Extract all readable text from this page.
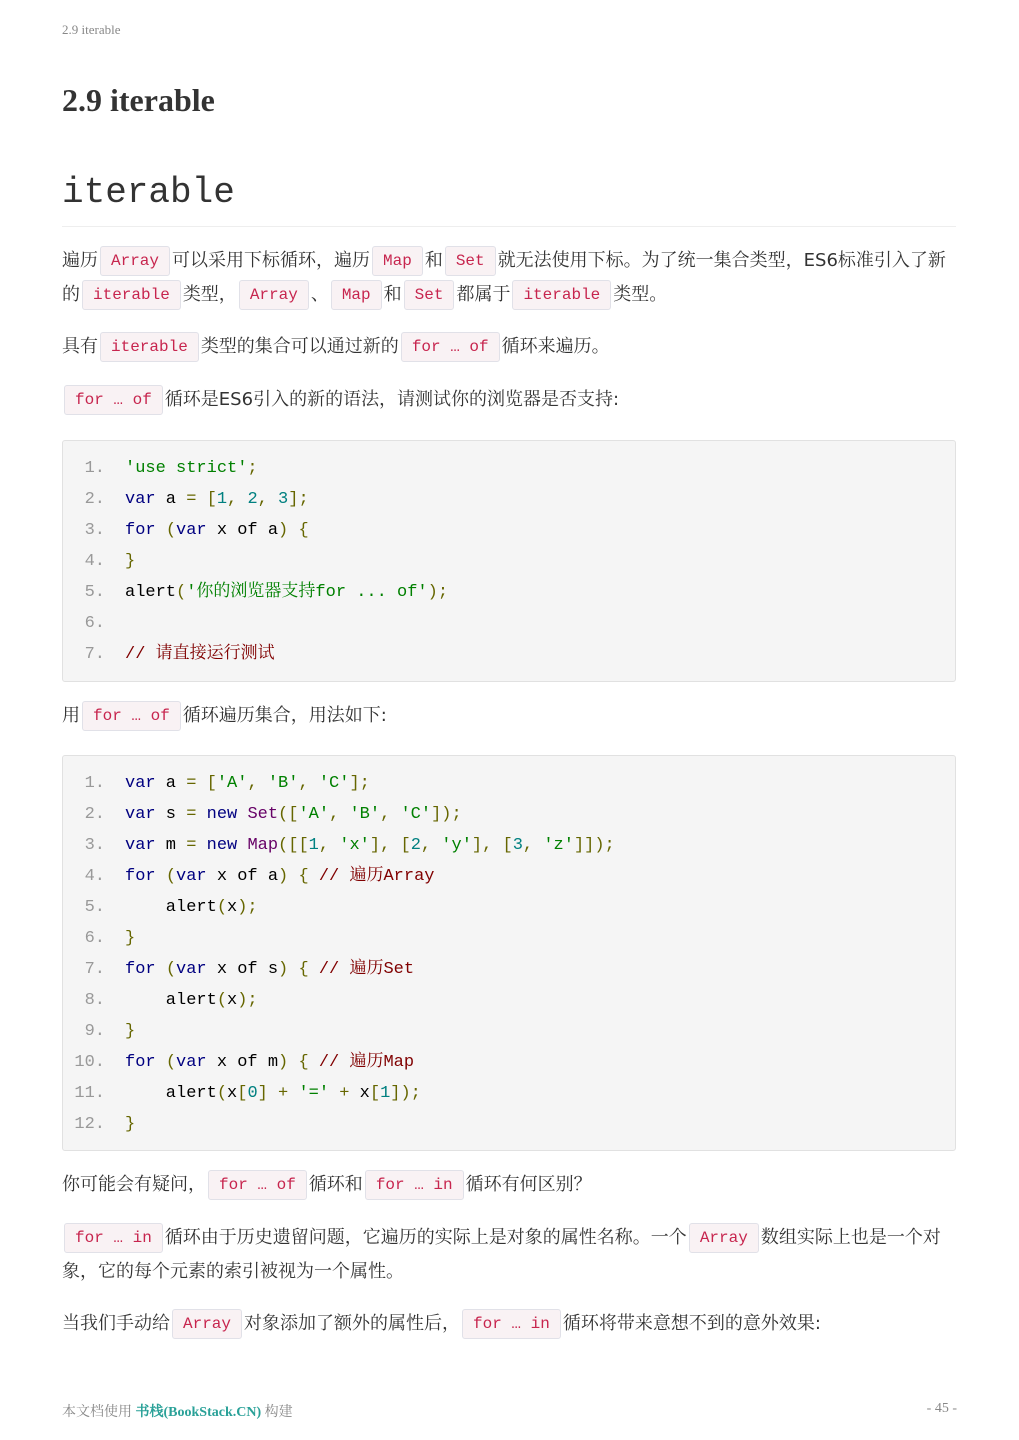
2.9 iterable
2.9 iterable
iterable

遍历 Array 可以采用下标循环，遍历 Map 和 Set 就无法使用下标。为了统一集合类型，ES6标准引入了新的 iterable 类型， Array 、 Map 和 Set 都属于 iterable 类型。

具有 iterable 类型的集合可以通过新的 for … of 循环来遍历。

for … of 循环是ES6引入的新的语法，请测试你的浏览器是否支持:

1.	'use strict';
2.	var a = [1, 2, 3];
3.	for (var x of a) {
4.	}
5.	alert('你的浏览器支持for ... of');
6.
7.	// 请直接运行测试

用 for … of 循环遍历集合，用法如下:

1.	var a = ['A', 'B', 'C'];
2.	var s = new Set(['A', 'B', 'C']);
3.	var m = new Map([[1, 'x'], [2, 'y'], [3, 'z']]);
4.	for (var x of a) { // 遍历Array
5.	alert(x);
6.	}
7.	for (var x of s) { // 遍历Set
8.	alert(x);
9.	}
10.	for (var x of m) { // 遍历Map
11.	alert(x[0] + '=' + x[1]);
12.	}

你可能会有疑问， for … of 循环和 for … in 循环有何区别？

for … in 循环由于历史遗留问题，它遍历的实际上是对象的属性名称。一个 Array 数组实际上也是一个对象，它的每个元素的索引被视为一个属性。

当我们手动给 Array 对象添加了额外的属性后， for … in 循环将带来意想不到的意外效果:

本文档使用 书栈(BookStack.CN) 构建	- 45 -
